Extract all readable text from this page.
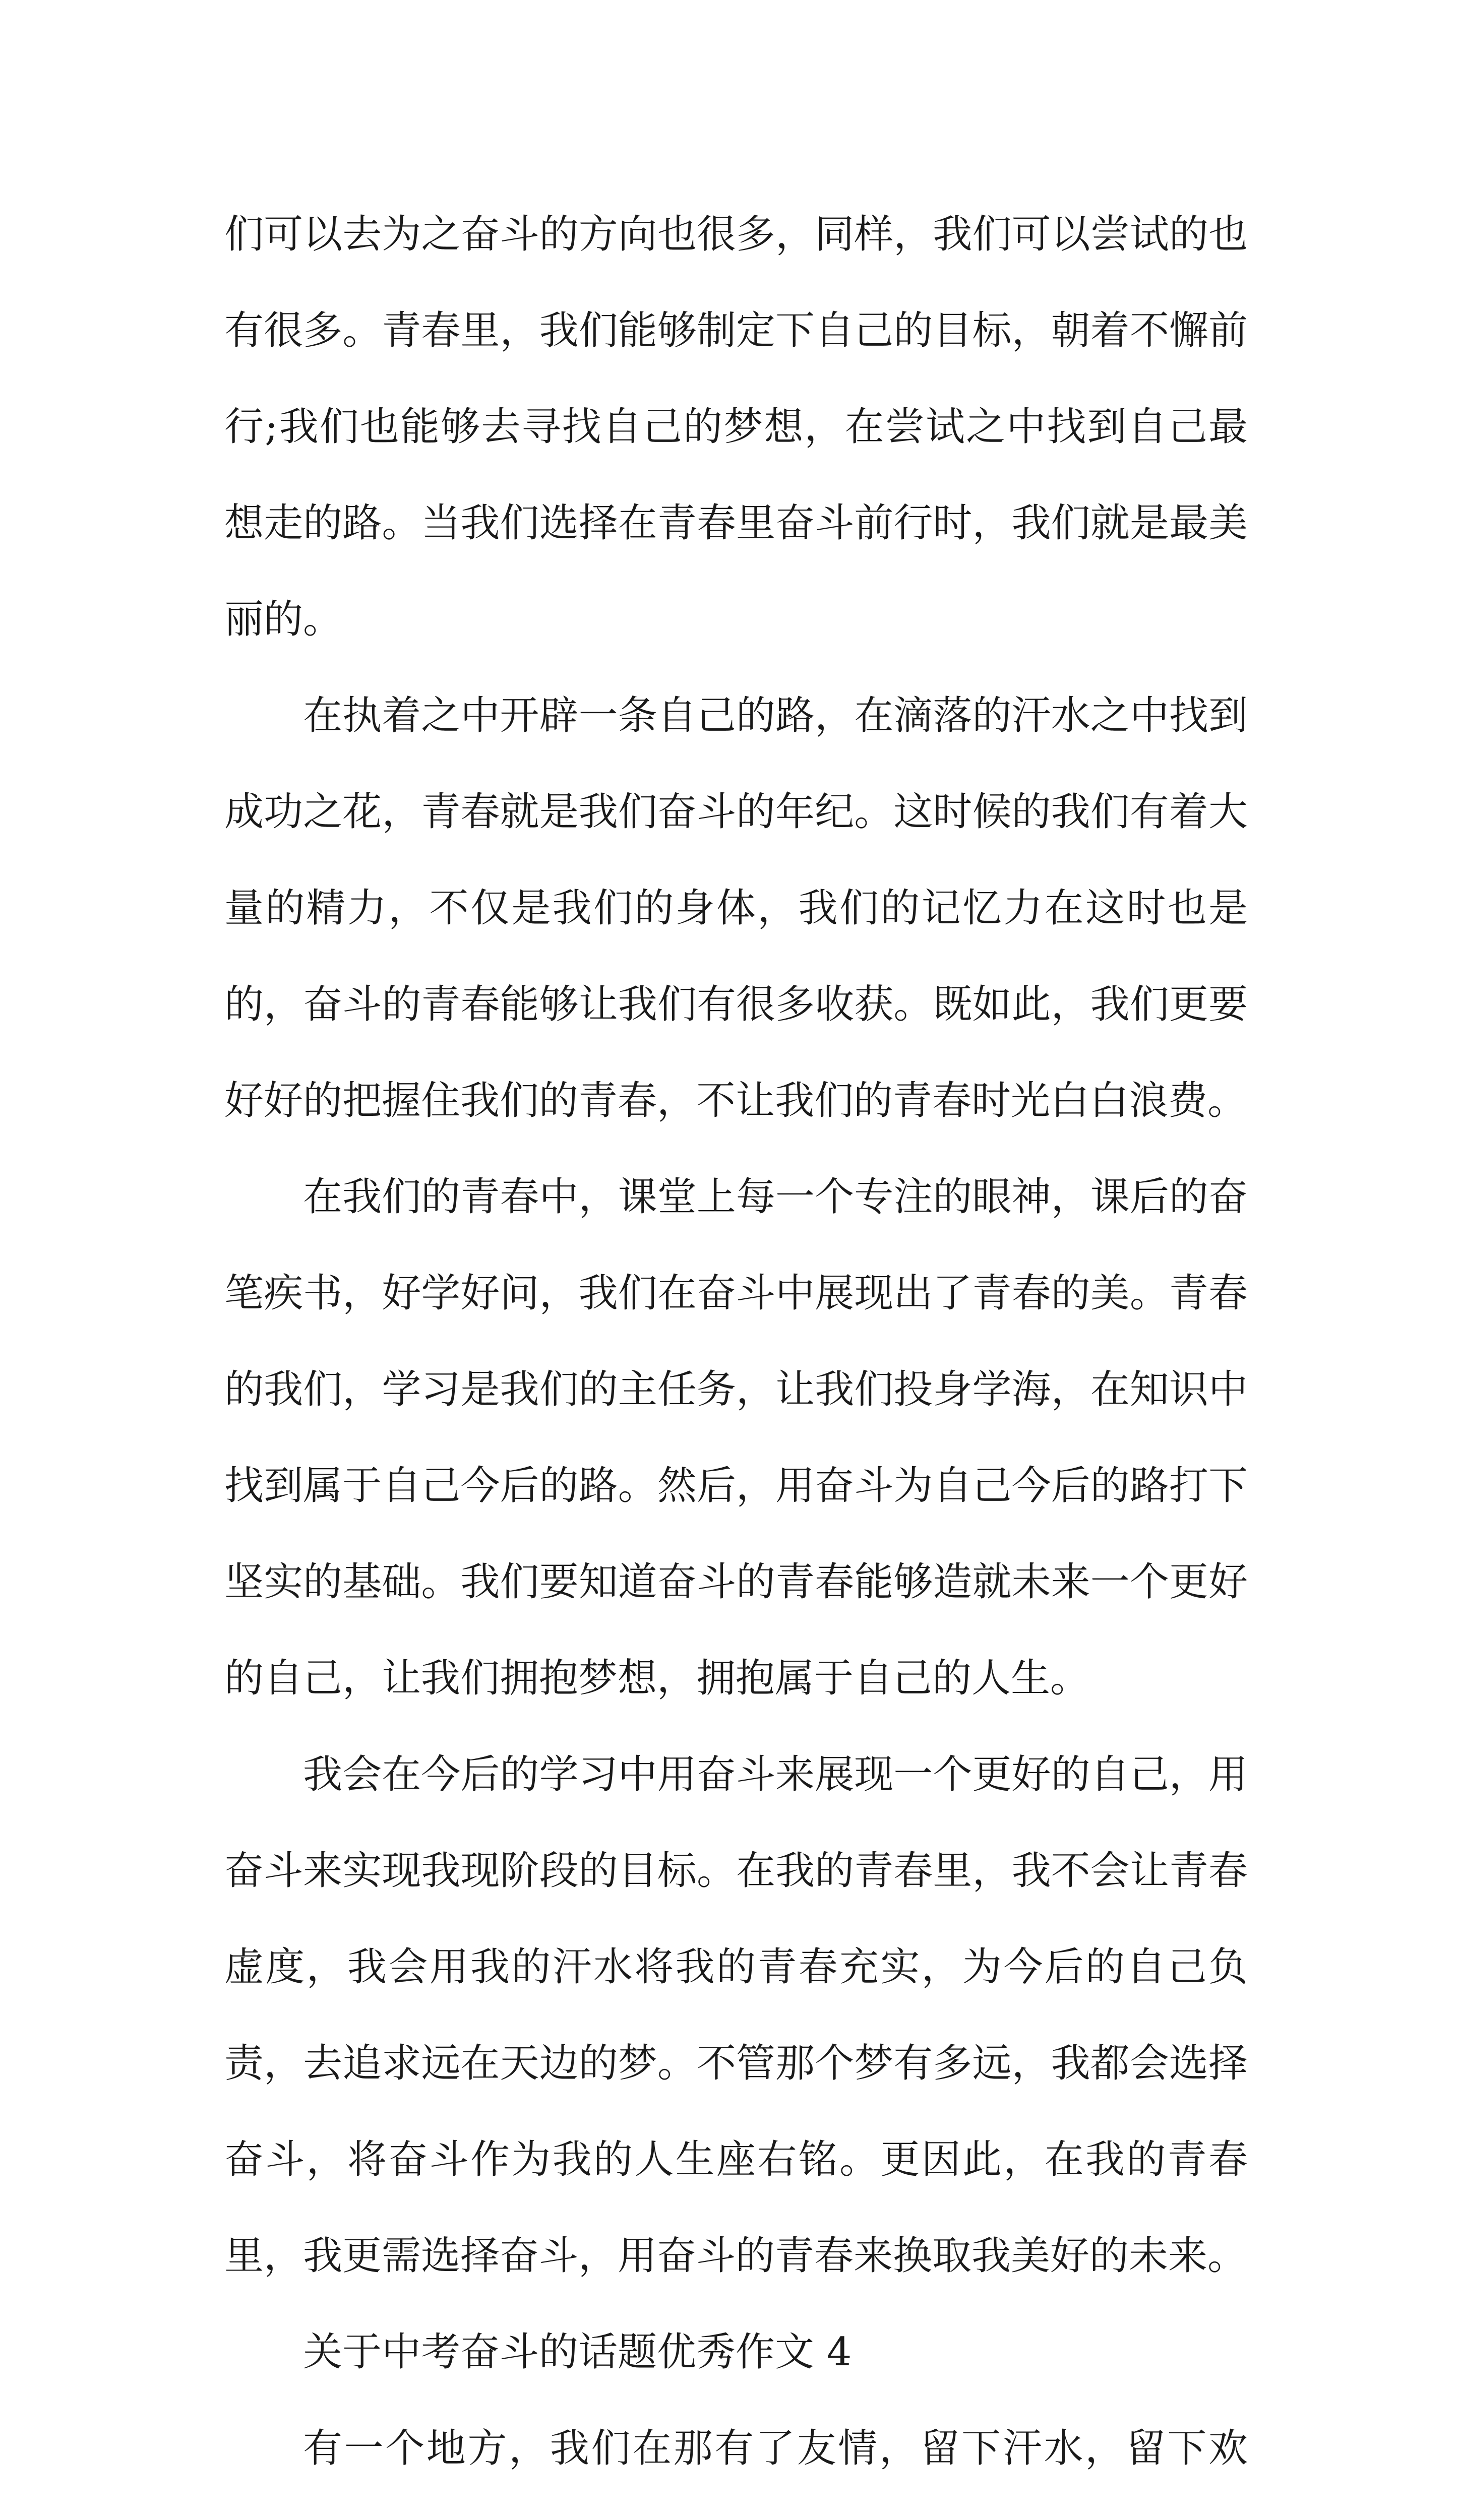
们可以去为之奋斗的方向也很多，同样，我们可以尝试的也有很多。青春里，我们能够制定下自己的目标，朝着不懈前行;我们也能够去寻找自己的梦想，在尝试之中找到自己最想走的路。当我们选择在青春里奋斗前行时，我们就是最美丽的。

在执着之中开辟一条自己的路，在滴落的汗水之中找到成功之花，青春就是我们奋斗的年纪。这时候的我们有着大量的精力，不仅是我们的身体，我们的记忆力在这时也是的，奋斗的青春能够让我们有很多收获。既如此，我们更要好好的把握住我们的青春，不让我们的青春时光白白浪费。

在我们的青春中，课堂上每一个专注的眼神，课后的奋笔疾书，好学好问，我们在奋斗中展现出了青春的美。青春的我们，学习是我们的主任务，让我们投身学海，在知识中找到属于自己今后的路。然后，用奋斗为自己今后的路打下坚实的基础。我们要知道奋斗的青春能够造就未来一个更好的自己，让我们拥抱梦想，拥抱属于自己的人生。

我会在今后的学习中用奋斗来展现一个更好的自己，用奋斗来实现我现阶段的目标。在我的青春里，我不会让青春虚度，我会用我的汗水将我的青春充实，为今后的自己负责，去追求远在天边的梦。不管那个梦有多远，我都会选择奋斗，将奋斗作为我的人生座右铭。更因此，在我的青春里，我更需选择奋斗，用奋斗的青春来换取我美好的未来。

关于中考奋斗的话题优秀作文 4

有一个地方，我们在那有了友情，留下汗水，留下欢
